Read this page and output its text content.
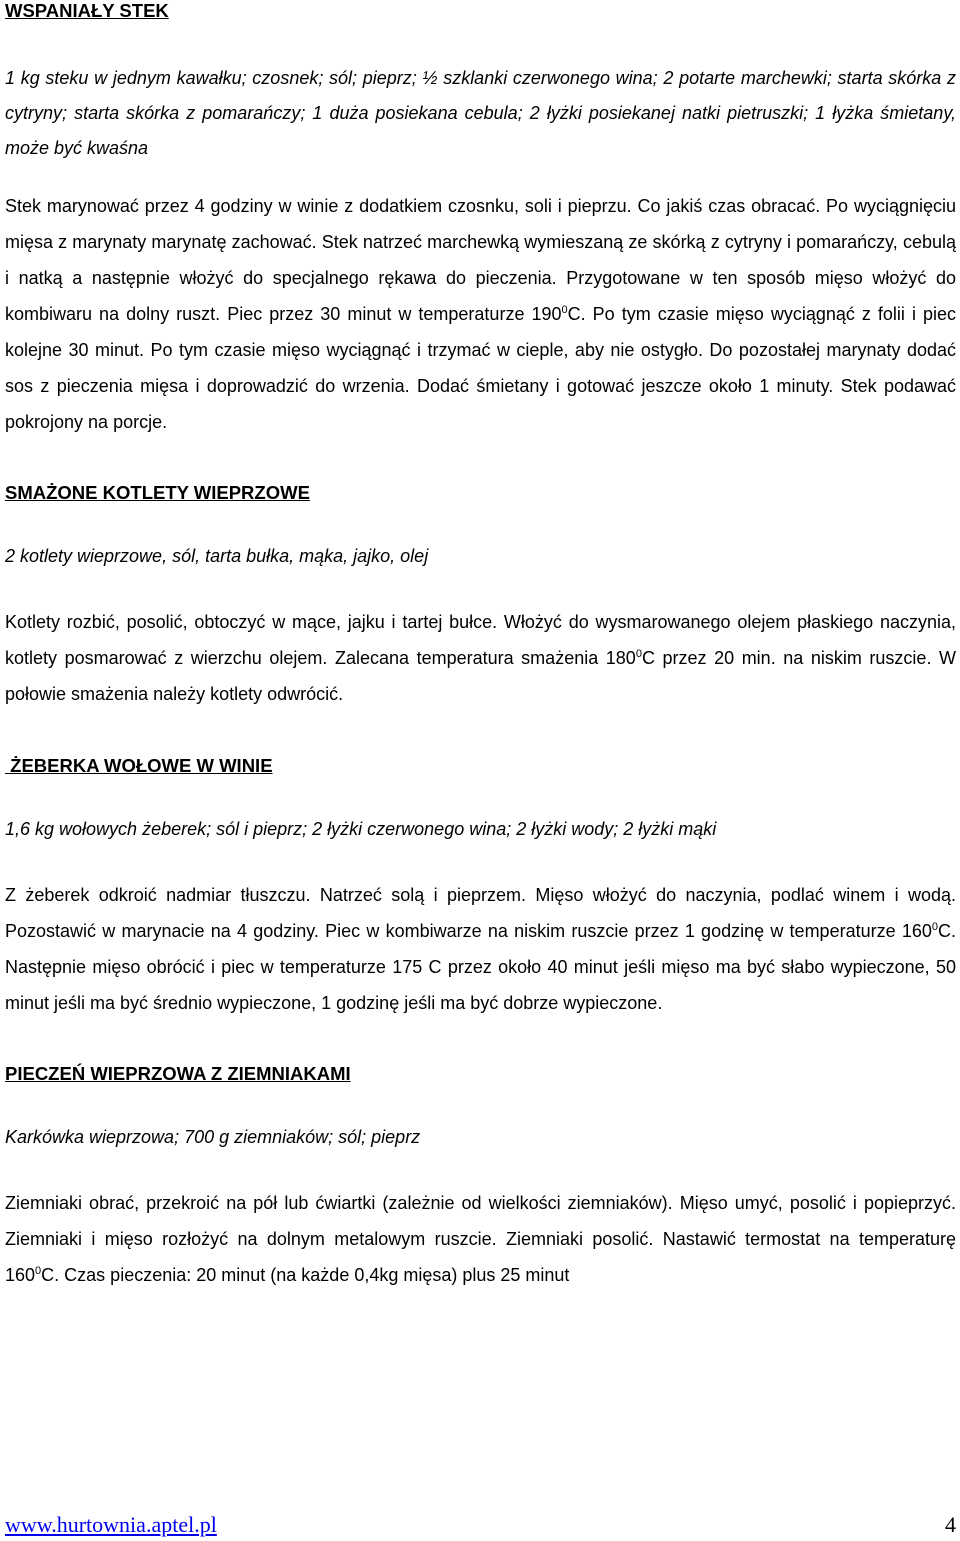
WSPANIAŁY STEK

1 kg steku w jednym kawałku; czosnek; sól; pieprz; ½ szklanki czerwonego wina; 2 potarte marchewki; starta skórka z cytryny; starta skórka z pomarańczy; 1 duża posiekana cebula; 2 łyżki posiekanej natki pietruszki; 1 łyżka śmietany, może być kwaśna

Stek marynować przez 4 godziny w winie z dodatkiem czosnku, soli i pieprzu. Co jakiś czas obracać. Po wyciągnięciu mięsa z marynaty marynatę zachować. Stek natrzeć marchewką wymieszaną ze skórką z cytryny i pomarańczy, cebulą i natką a następnie włożyć do specjalnego rękawa do pieczenia. Przygotowane w ten sposób mięso włożyć do kombiwaru na dolny ruszt. Piec przez 30 minut w temperaturze $190^0C$. Po tym czasie mięso wyciągnąć z folii i piec kolejne 30 minut. Po tym czasie mięso wyciągnąć i trzymać w cieple, aby nie ostygło. Do pozostałej marynaty dodać sos z pieczenia mięsa i doprowadzić do wrzenia. Dodać śmietany i gotować jeszcze około 1 minuty. Stek podawać pokrojony na porcje.

SMAŻONE KOTLETY WIEPRZOWE

2 kotlety wieprzowe, sól, tarta bułka, mąka, jajko, olej

Kotlety rozbić, posolić, obtoczyć w mące, jajku i tartej bułce. Włożyć do wysmarowanego olejem płaskiego naczynia, kotlety posmarować z wierzchu olejem. Zalecana temperatura smażenia $180^0C$ przez 20 min. na niskim ruszcie. W połowie smażenia należy kotlety odwrócić.

ŻEBERKA WOŁOWE W WINIE

1,6 kg wołowych żeberek; sól i pieprz; 2 łyżki czerwonego wina; 2 łyżki wody; 2 łyżki mąki

Z żeberek odkroić nadmiar tłuszczu. Natrzeć solą i pieprzem. Mięso włożyć do naczynia, podlać winem i wodą. Pozostawić w marynacie na 4 godziny. Piec w kombiwarze na niskim ruszcie przez 1 godzinę w temperaturze $160^0C$. Następnie mięso obrócić i piec w temperaturze 175 C przez około 40 minut jeśli mięso ma być słabo wypieczone, 50 minut jeśli ma być średnio wypieczone, 1 godzinę jeśli ma być dobrze wypieczone.

PIECZEŃ WIEPRZOWA Z ZIEMNIAKAMI

Karkówka wieprzowa; 700 g ziemniaków; sól; pieprz

Ziemniaki obrać, przekroić na pół lub ćwiartki (zależnie od wielkości ziemniaków). Mięso umyć, posolić i popieprzyć. Ziemniaki i mięso rozłożyć na dolnym metalowym ruszcie. Ziemniaki posolić. Nastawić termostat na temperaturę $160^0C$. Czas pieczenia: 20 minut (na każde 0,4kg mięsa) plus 25 minut

www.hurtownia.aptel.pl	4
